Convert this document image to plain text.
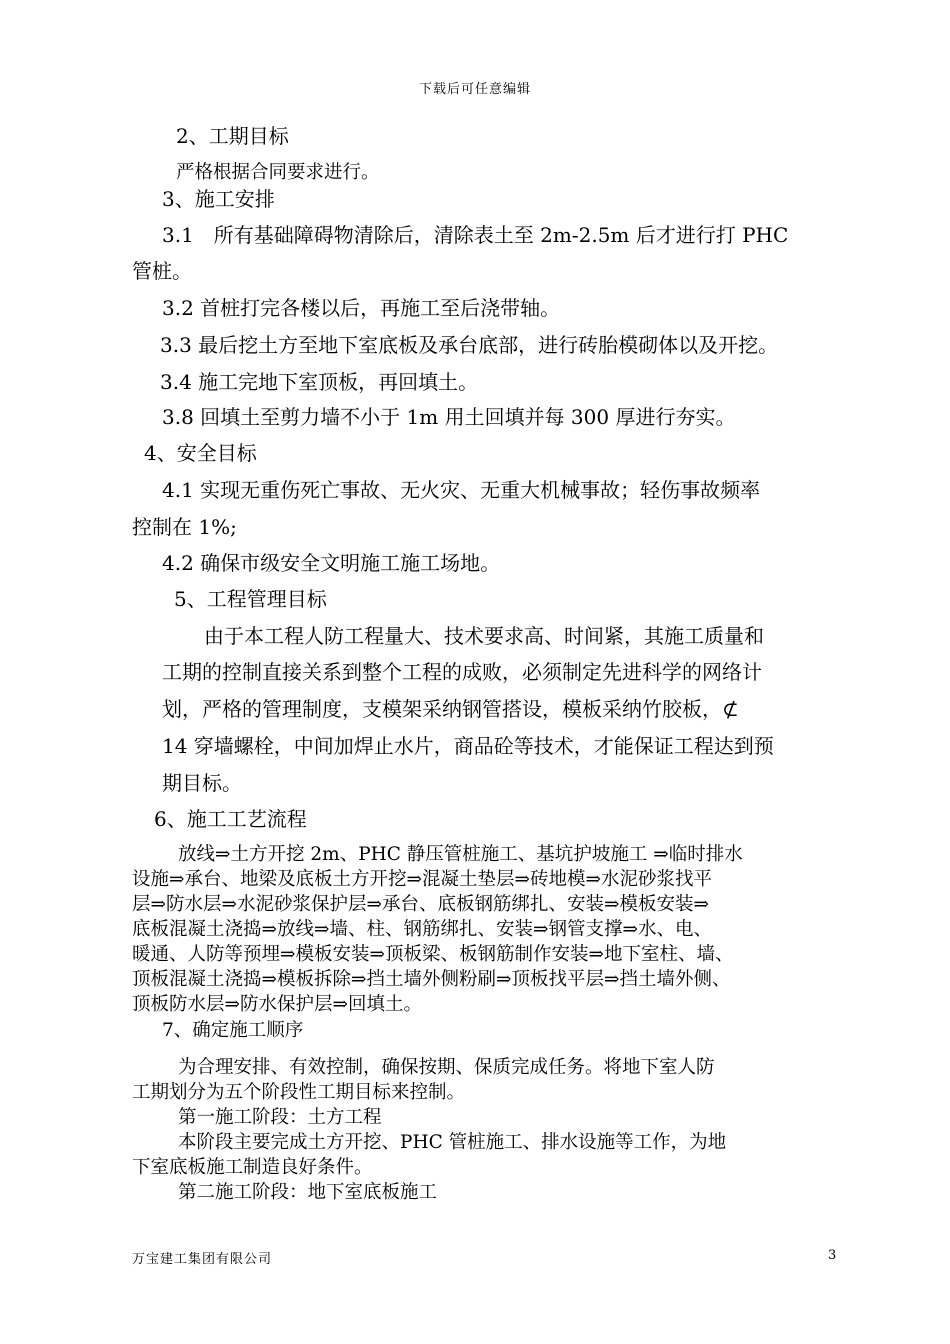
下载后可任意编辑
2、工期目标
严格根据合同要求进行。
3、施工安排
3.1　所有基础障碍物清除后，清除表土至 2m-2.5m 后才进行打 PHC
管桩。
3.2 首桩打完各楼以后，再施工至后浇带轴。
3.3 最后挖土方至地下室底板及承台底部，进行砖胎模砌体以及开挖。
3.4 施工完地下室顶板，再回填土。
3.8 回填土至剪力墙不小于 1m 用土回填并每 300 厚进行夯实。
4、安全目标
4.1 实现无重伤死亡事故、无火灾、无重大机械事故；轻伤事故频率
控制在 1%;
4.2 确保市级安全文明施工施工场地。
5、工程管理目标
由于本工程人防工程量大、技术要求高、时间紧，其施工质量和
工期的控制直接关系到整个工程的成败，必须制定先进科学的网络计
划，严格的管理制度，支模架采纳钢管搭设，模板采纳竹胶板，⊄
14 穿墙螺栓，中间加焊止水片，商品砼等技术，才能保证工程达到预
期目标。
6、施工工艺流程
放线⇒土方开挖 2m、PHC 静压管桩施工、基坑护坡施工 ⇒临时排水
设施⇒承台、地梁及底板土方开挖⇒混凝土垫层⇒砖地模⇒水泥砂浆找平
层⇒防水层⇒水泥砂浆保护层⇒承台、底板钢筋绑扎、安装⇒模板安装⇒
底板混凝土浇捣⇒放线⇒墙、柱、钢筋绑扎、安装⇒钢管支撑⇒水、电、
暖通、人防等预埋⇒模板安装⇒顶板梁、板钢筋制作安装⇒地下室柱、墙、
顶板混凝土浇捣⇒模板拆除⇒挡土墙外侧粉刷⇒顶板找平层⇒挡土墙外侧、
顶板防水层⇒防水保护层⇒回填土。
7、确定施工顺序
为合理安排、有效控制，确保按期、保质完成任务。将地下室人防
工期划分为五个阶段性工期目标来控制。
第一施工阶段：土方工程
本阶段主要完成土方开挖、PHC 管桩施工、排水设施等工作，为地
下室底板施工制造良好条件。
第二施工阶段：地下室底板施工
万宝建工集团有限公司	3
